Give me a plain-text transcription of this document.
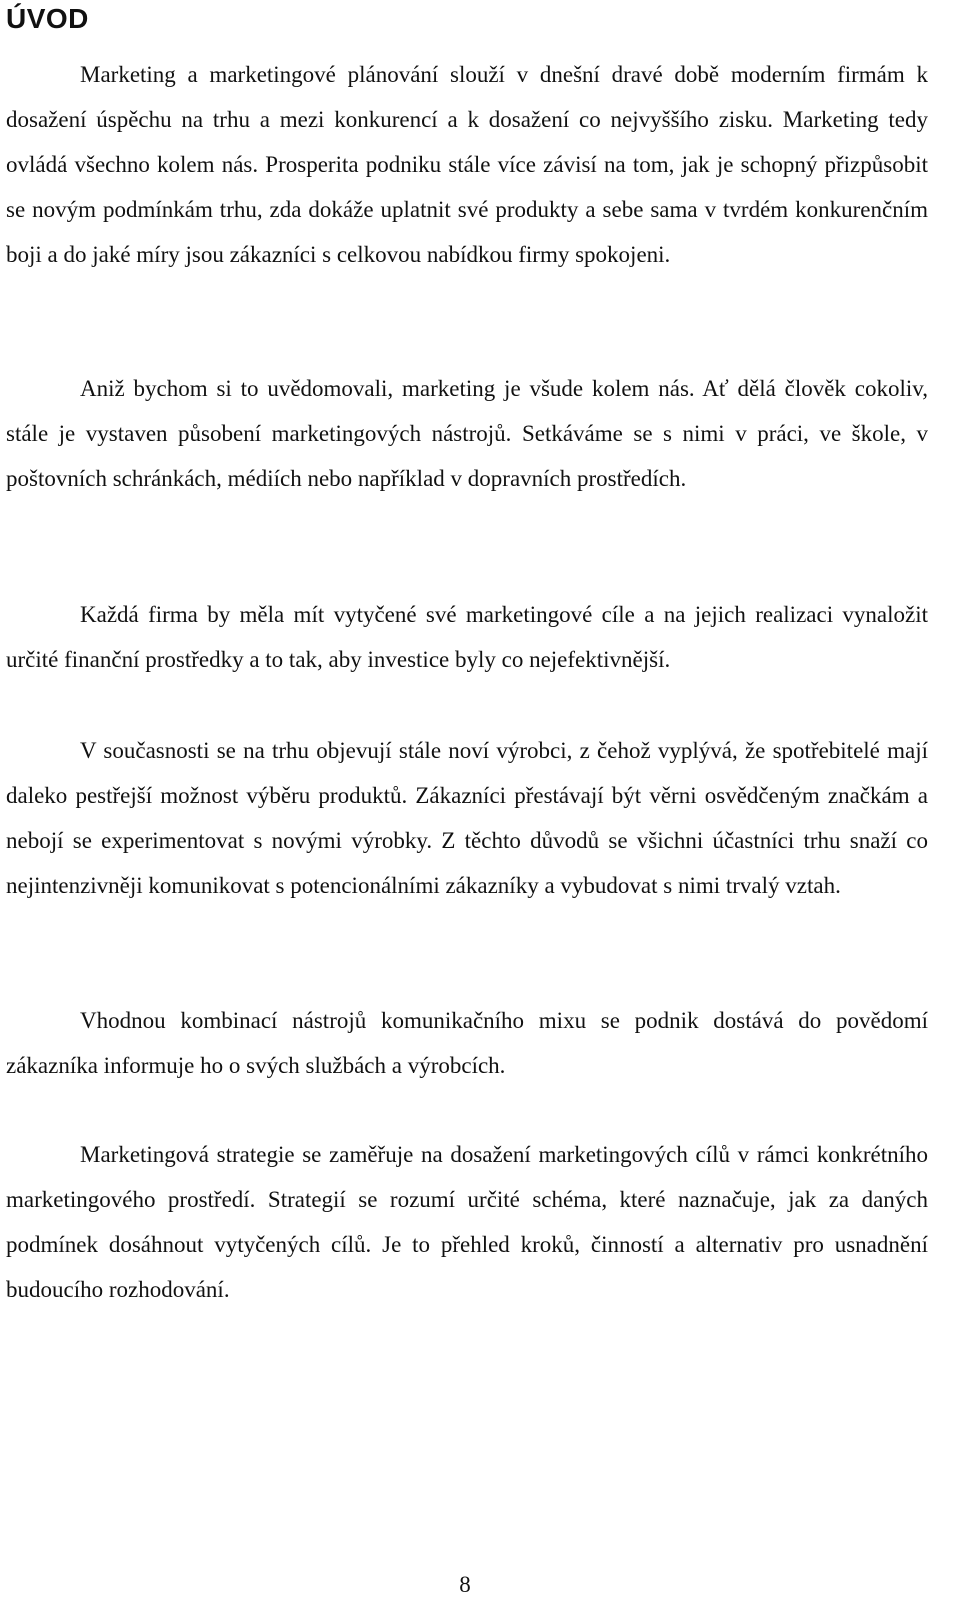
ÚVOD

Marketing a marketingové plánování slouží v dnešní dravé době moderním firmám k dosažení úspěchu na trhu a mezi konkurencí a k dosažení co nejvyššího zisku. Marketing tedy ovládá všechno kolem nás. Prosperita podniku stále více závisí na tom, jak je schopný přizpůsobit se novým podmínkám trhu, zda dokáže uplatnit své produkty a sebe sama v tvrdém konkurenčním boji a do jaké míry jsou zákazníci s celkovou nabídkou firmy spokojeni.

Aniž bychom si to uvědomovali, marketing je všude kolem nás. Ať dělá člověk cokoliv, stále je vystaven působení marketingových nástrojů. Setkáváme se s nimi v práci, ve škole, v poštovních schránkách, médiích nebo například v dopravních prostředích.

Každá firma by měla mít vytyčené své marketingové cíle a na jejich realizaci vynaložit určité finanční prostředky a to tak, aby investice byly co nejefektivnější.

V současnosti se na trhu objevují stále noví výrobci, z čehož vyplývá, že spotřebitelé mají daleko pestřejší možnost výběru produktů. Zákazníci přestávají být věrni osvědčeným značkám a nebojí se experimentovat s novými výrobky. Z těchto důvodů se všichni účastníci trhu snaží co nejintenzivněji komunikovat s potencionálními zákazníky a vybudovat s nimi trvalý vztah.

Vhodnou kombinací nástrojů komunikačního mixu se podnik dostává do povědomí zákazníka informuje ho o svých službách a výrobcích.

Marketingová strategie se zaměřuje na dosažení marketingových cílů v rámci konkrétního marketingového prostředí. Strategií se rozumí určité schéma, které naznačuje, jak za daných podmínek dosáhnout vytyčených cílů. Je to přehled kroků, činností a alternativ pro usnadnění budoucího rozhodování.

8
